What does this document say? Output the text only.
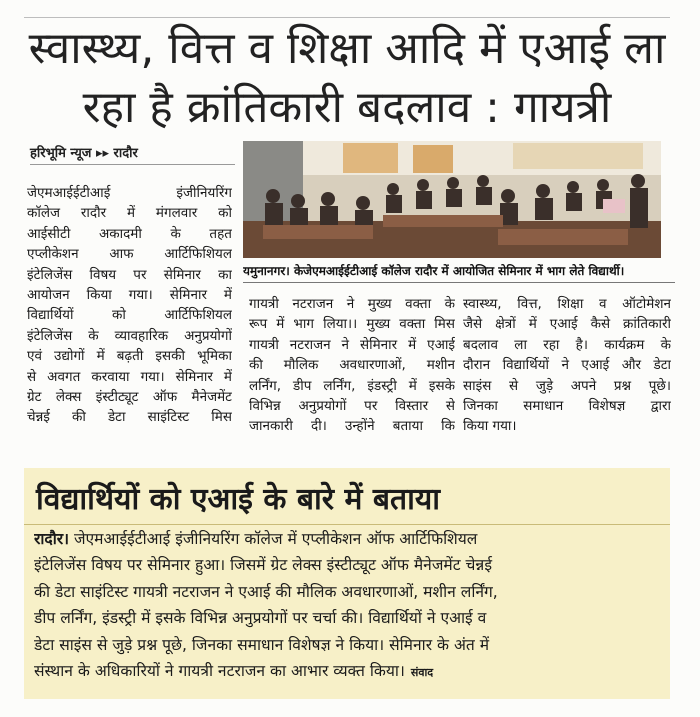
स्वास्थ्य, वित्त व शिक्षा आदि में एआई ला
रहा है क्रांतिकारी बदलाव : गायत्री
हरिभूमि न्यूज ▸▸ रादौर
यमुनानगर। केजेएमआईईटीआई कॉलेज रादौर में आयोजित सेमिनार में भाग लेते विद्यार्थी।

जेएमआईईटीआई इंजीनियरिंग

कॉलेज रादौर में मंगलवार को

आईसीटी अकादमी के तहत

एप्लीकेशन आफ आर्टिफिशियल

इंटेलिजेंस विषय पर सेमिनार का

आयोजन किया गया। सेमिनार में

विद्यार्थियों को आर्टिफिशियल

इंटेलिजेंस के व्यावहारिक अनुप्रयोगों

एवं उद्योगों में बढ़ती इसकी भूमिका

से अवगत करवाया गया। सेमिनार में

ग्रेट लेक्स इंस्टीट्यूट ऑफ मैनेजमेंट

चेन्नई की डेटा साइंटिस्ट मिस

गायत्री नटराजन ने मुख्य वक्ता के

रूप में भाग लिया।। मुख्य वक्ता मिस

गायत्री नटराजन ने सेमिनार में एआई

की मौलिक अवधारणाओं, मशीन

लर्निंग, डीप लर्निंग, इंडस्ट्री में इसके

विभिन्न अनुप्रयोगों पर विस्तार से

जानकारी दी। उन्होंने बताया कि

स्वास्थ्य, वित्त, शिक्षा व ऑटोमेशन

जैसे क्षेत्रों में एआई कैसे क्रांतिकारी

बदलाव ला रहा है। कार्यक्रम के

दौरान विद्यार्थियों ने एआई और डेटा

साइंस से जुड़े अपने प्रश्न पूछे।

जिनका समाधान विशेषज्ञ द्वारा

किया गया।

विद्यार्थियों को एआई के बारे में बताया

रादौर। जेएमआईईटीआई इंजीनियरिंग कॉलेज में एप्लीकेशन ऑफ आर्टिफिशियल

इंटेलिजेंस विषय पर सेमिनार हुआ। जिसमें ग्रेट लेक्स इंस्टीट्यूट ऑफ मैनेजमेंट चेन्नई

की डेटा साइंटिस्ट गायत्री नटराजन ने एआई की मौलिक अवधारणाओं, मशीन लर्निंग,

डीप लर्निंग, इंडस्ट्री में इसके विभिन्न अनुप्रयोगों पर चर्चा की। विद्यार्थियों ने एआई व

डेटा साइंस से जुड़े प्रश्न पूछे, जिनका समाधान विशेषज्ञ ने किया। सेमिनार के अंत में

संस्थान के अधिकारियों ने गायत्री नटराजन का आभार व्यक्त किया। संवाद
